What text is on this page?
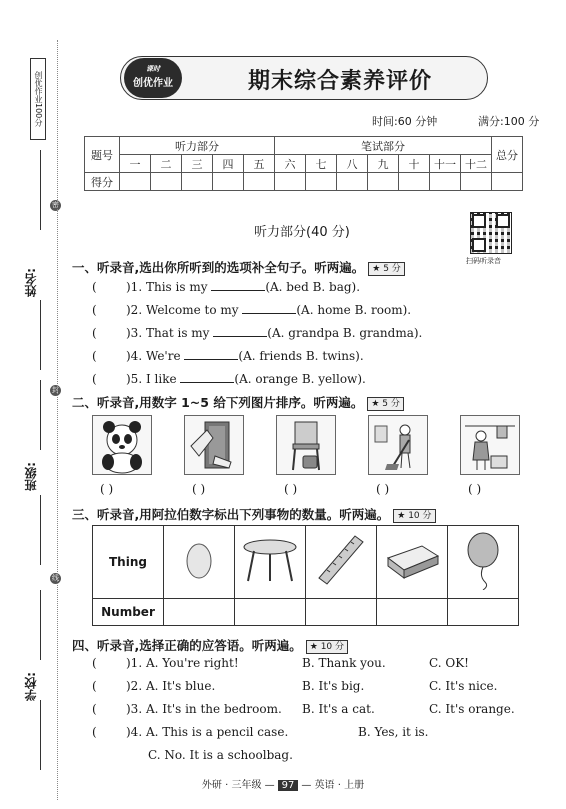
创优作业100分
姓名:
密
班级:
封
学校:
线
课时
创优作业	期末综合素养评价
时间:60 分钟	满分:100 分
题号	听力部分					笔试部分							总分
	一	二	三	四	五	六	七	八	九	十	十一	十二	
得分													
听力部分(40 分)
扫码听录音
一、听录音,选出你所听到的选项补全句子。听两遍。 ★ 5 分
( )1. This is my	(A. bed B. bag).
( )2. Welcome to my	(A. home B. room).
( )3. That is my	(A. grandpa B. grandma).
( )4. We're	(A. friends B. twins).
( )5. I like	(A. orange B. yellow).
二、听录音,用数字 1~5 给下列图片排序。听两遍。 ★ 5 分
( )	( )	( )	( )	( )
三、听录音,用阿拉伯数字标出下列事物的数量。听两遍。 ★ 10 分
Thing					
Number					
四、听录音,选择正确的应答语。听两遍。 ★ 10 分
( )1. A. You're right!	B. Thank you.	C. OK!
( )2. A. It's blue.	B. It's big.	C. It's nice.
( )3. A. It's in the bedroom. B. It's a cat.	C. It's orange.
( )4. A. This is a pencil case.	B. Yes, it is.
C. No. It is a schoolbag.
外研 · 三年级 — 97 — 英语 · 上册
